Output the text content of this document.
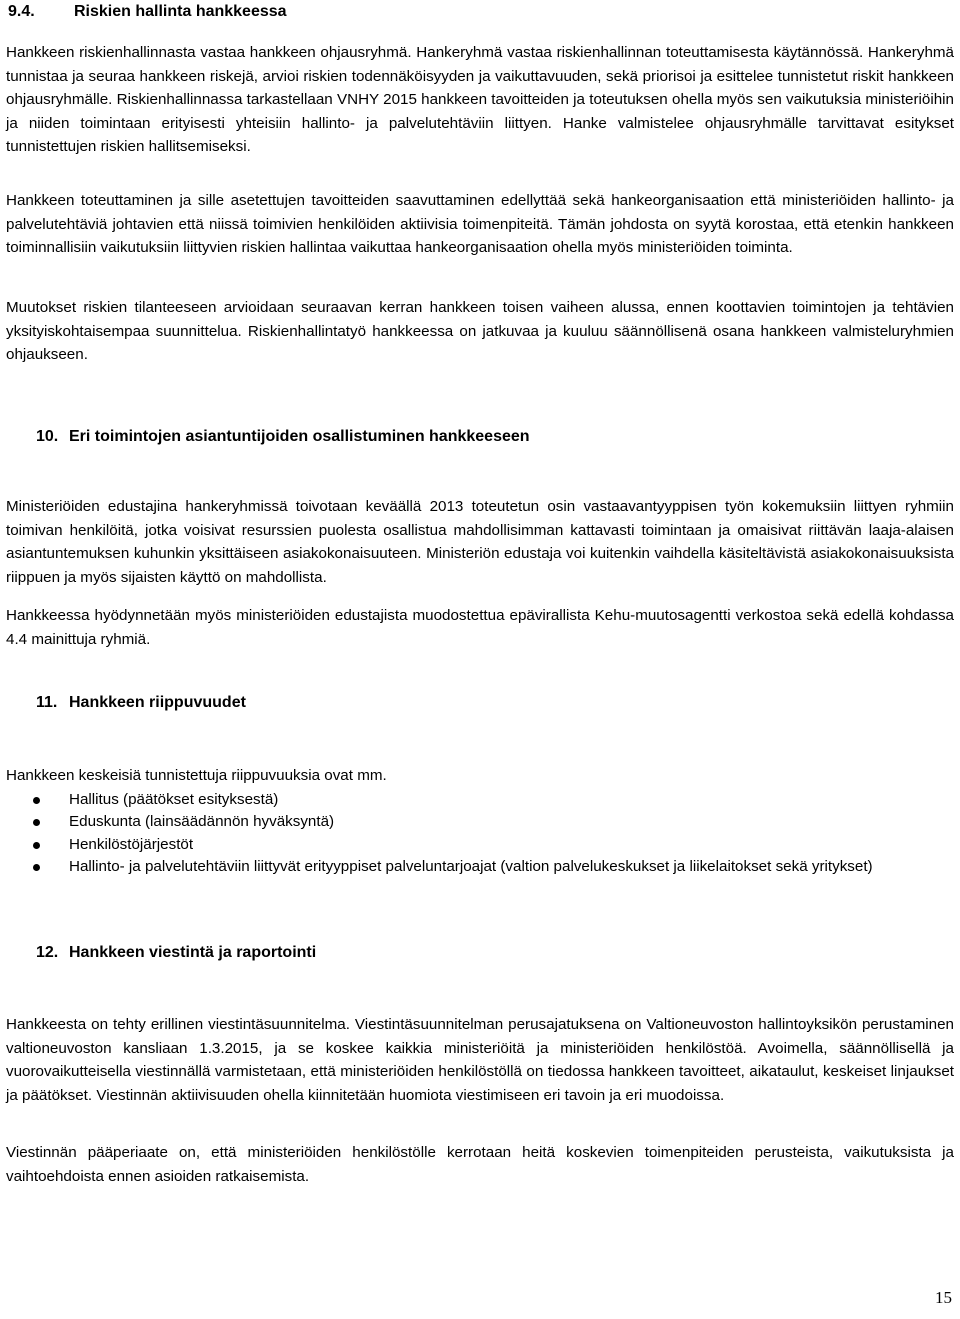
9.4. Riskien hallinta hankkeessa

Hankkeen riskienhallinnasta vastaa hankkeen ohjausryhmä. Hankeryhmä vastaa riskienhallinnan toteuttamisesta käytännössä. Hankeryhmä tunnistaa ja seuraa hankkeen riskejä, arvioi riskien todennäköisyyden ja vaikuttavuuden, sekä priorisoi ja esittelee tunnistetut riskit hankkeen ohjausryhmälle. Riskienhallinnassa tarkastellaan VNHY 2015 hankkeen tavoitteiden ja toteutuksen ohella myös sen vaikutuksia ministeriöihin ja niiden toimintaan erityisesti yhteisiin hallinto- ja palvelutehtäviin liittyen. Hanke valmistelee ohjausryhmälle tarvittavat esitykset tunnistettujen riskien hallitsemiseksi.

Hankkeen toteuttaminen ja sille asetettujen tavoitteiden saavuttaminen edellyttää sekä hankeorganisaation että ministeriöiden hallinto- ja palvelutehtäviä johtavien että niissä toimivien henkilöiden aktiivisia toimenpiteitä. Tämän johdosta on syytä korostaa, että etenkin hankkeen toiminnallisiin vaikutuksiin liittyvien riskien hallintaa vaikuttaa hankeorganisaation ohella myös ministeriöiden toiminta.

Muutokset riskien tilanteeseen arvioidaan seuraavan kerran hankkeen toisen vaiheen alussa, ennen koottavien toimintojen ja tehtävien yksityiskohtaisempaa suunnittelua. Riskienhallintatyö hankkeessa on jatkuvaa ja kuuluu säännöllisenä osana hankkeen valmisteluryhmien ohjaukseen.

10. Eri toimintojen asiantuntijoiden osallistuminen hankkeeseen

Ministeriöiden edustajina hankeryhmissä toivotaan keväällä 2013 toteutetun osin vastaavantyyppisen työn kokemuksiin liittyen ryhmiin toimivan henkilöitä, jotka voisivat resurssien puolesta osallistua mahdollisimman kattavasti toimintaan ja omaisivat riittävän laaja-alaisen asiantuntemuksen kuhunkin yksittäiseen asiakokonaisuuteen. Ministeriön edustaja voi kuitenkin vaihdella käsiteltävistä asiakokonaisuuksista riippuen ja myös sijaisten käyttö on mahdollista.

Hankkeessa hyödynnetään myös ministeriöiden edustajista muodostettua epävirallista Kehu-muutosagentti verkostoa sekä edellä kohdassa 4.4 mainittuja ryhmiä.

11. Hankkeen riippuvuudet

Hankkeen keskeisiä tunnistettuja riippuvuuksia ovat mm.

Hallitus (päätökset esityksestä)
Eduskunta (lainsäädännön hyväksyntä)
Henkilöstöjärjestöt
Hallinto- ja palvelutehtäviin liittyvät erityyppiset palveluntarjoajat (valtion palvelukeskukset ja liikelaitokset sekä yritykset)
12. Hankkeen viestintä ja raportointi

Hankkeesta on tehty erillinen viestintäsuunnitelma. Viestintäsuunnitelman perusajatuksena on Valtioneuvoston hallintoyksikön perustaminen valtioneuvoston kansliaan 1.3.2015, ja se koskee kaikkia ministeriöitä ja ministeriöiden henkilöstöä. Avoimella, säännöllisellä ja vuorovaikutteisella viestinnällä varmistetaan, että ministeriöiden henkilöstöllä on tiedossa hankkeen tavoitteet, aikataulut, keskeiset linjaukset ja päätökset. Viestinnän aktiivisuuden ohella kiinnitetään huomiota viestimiseen eri tavoin ja eri muodoissa.

Viestinnän pääperiaate on, että ministeriöiden henkilöstölle kerrotaan heitä koskevien toimenpiteiden perusteista, vaikutuksista ja vaihtoehdoista ennen asioiden ratkaisemista.

15
